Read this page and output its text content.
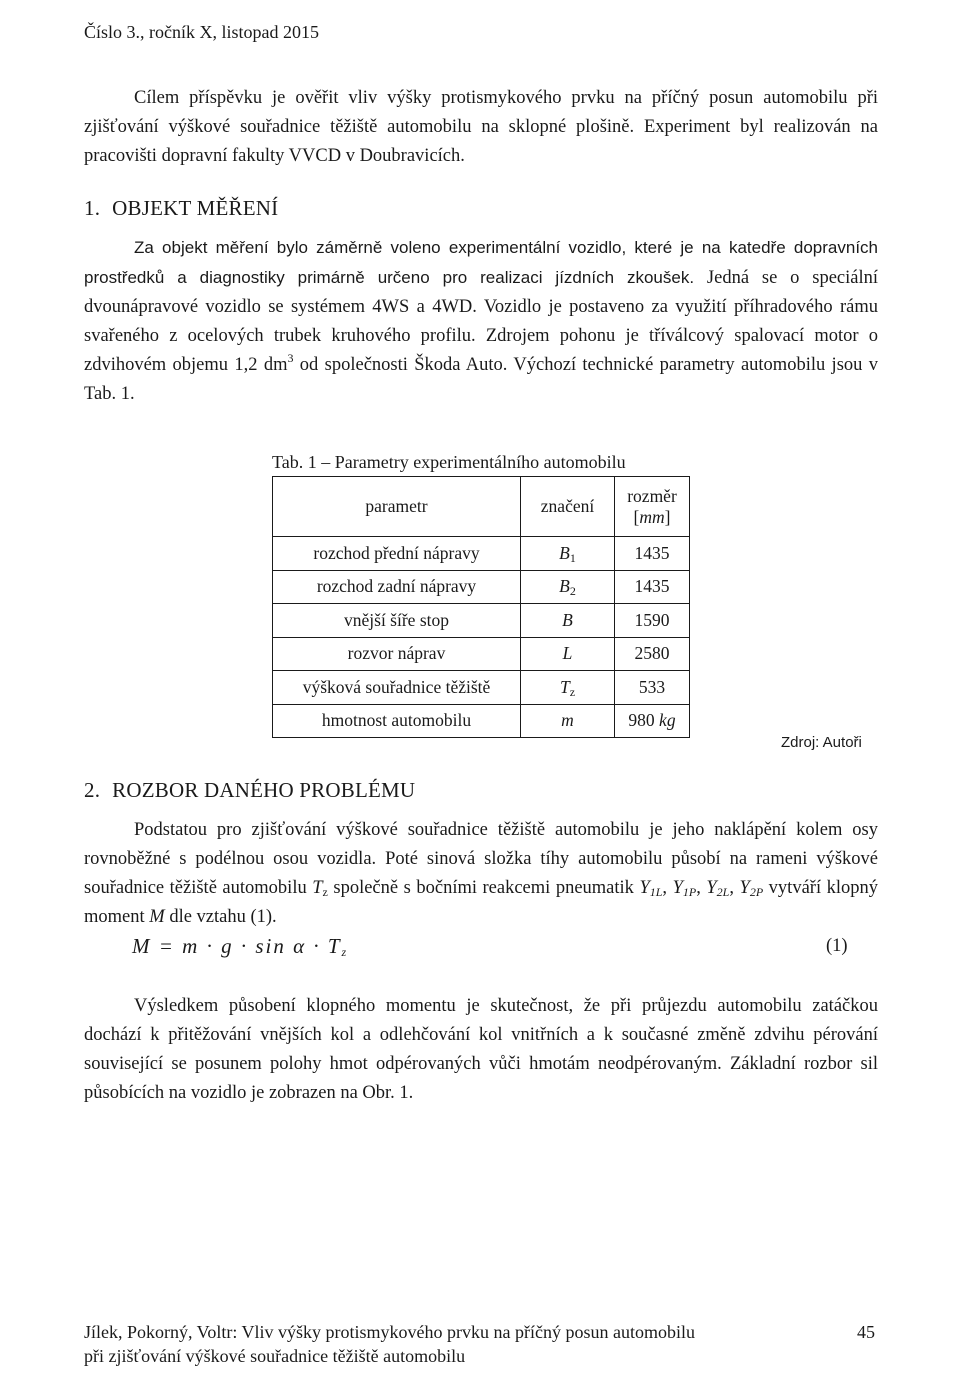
Číslo 3., ročník X, listopad 2015
Cílem příspěvku je ověřit vliv výšky protismykového prvku na příčný posun automobilu při zjišťování výškové souřadnice těžiště automobilu na sklopné plošině. Experiment byl realizován na pracovišti dopravní fakulty VVCD v Doubravicích.
1. OBJEKT MĚŘENÍ
Za objekt měření bylo záměrně voleno experimentální vozidlo, které je na katedře dopravních prostředků a diagnostiky primárně určeno pro realizaci jízdních zkoušek. Jedná se o speciální dvounápravové vozidlo se systémem 4WS a 4WD. Vozidlo je postaveno za využití příhradového rámu svařeného z ocelových trubek kruhového profilu. Zdrojem pohonu je tříválcový spalovací motor o zdvihovém objemu 1,2 $dm^3$ od společnosti Škoda Auto. Výchozí technické parametry automobilu jsou v Tab. 1.
Tab. 1 – Parametry experimentálního automobilu
parametr	značení	rozměr
[mm]

rozchod přední nápravy	$B_1$	1435
rozchod zadní nápravy	$B_2$	1435
vnější šíře stop	B	1590
rozvor náprav	L	2580
výšková souřadnice těžiště	$T_z$	533
hmotnost automobilu	m	980 kg
Zdroj: Autoři
2. ROZBOR DANÉHO PROBLÉMU
Podstatou pro zjišťování výškové souřadnice těžiště automobilu je jeho naklápění kolem osy rovnoběžné s podélnou osou vozidla. Poté sinová složka tíhy automobilu působí na rameni výškové souřadnice těžiště automobilu $T_z$ společně s bočními reakcemi pneumatik $Y_{1L}$, $Y_{1P}$, $Y_{2L}$, $Y_{2P}$ vytváří klopný moment M dle vztahu (1).
$M = m \cdot g \cdot \sin \alpha \cdot T_z$	(1)
Výsledkem působení klopného momentu je skutečnost, že při průjezdu automobilu zatáčkou dochází k přitěžování vnějších kol a odlehčování kol vnitřních a k současné změně zdvihu pérování související se posunem polohy hmot odpérovaných vůči hmotám neodpérovaným. Základní rozbor sil působících na vozidlo je zobrazen na Obr. 1.
Jílek, Pokorný, Voltr: Vliv výšky protismykového prvku na příčný posun automobilu
při zjišťování výškové souřadnice těžiště automobilu
45
